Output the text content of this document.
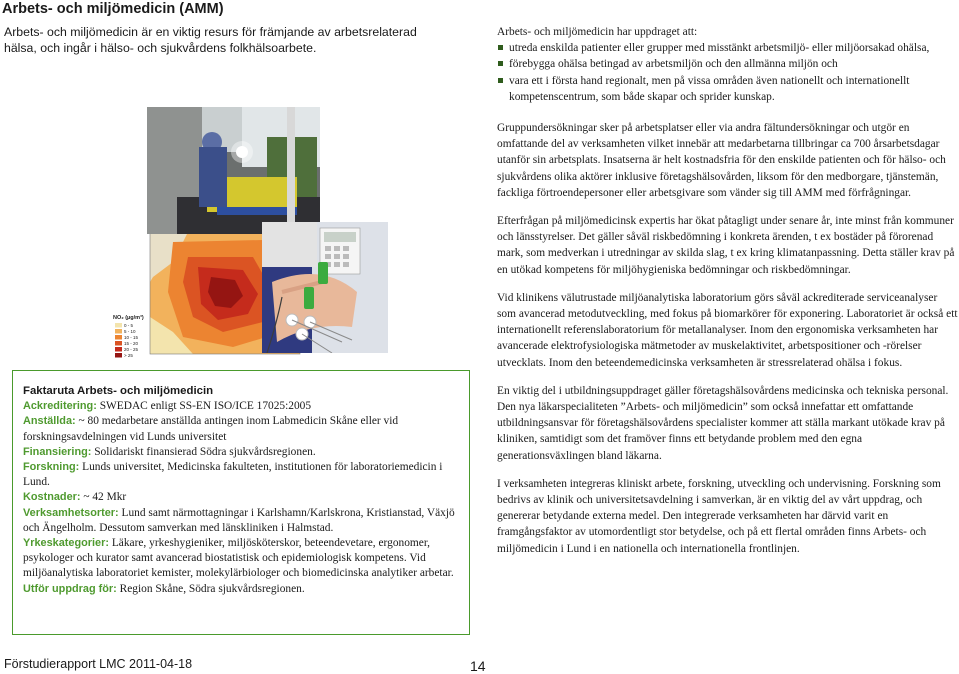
Arbets- och miljömedicin (AMM)
Arbets- och miljömedicin är en viktig resurs för främjande av arbetsrelaterad hälsa, och ingår i hälso- och sjukvårdens folkhälsoarbete.
NO₂ (µg/m³)
0 - 5
5 - 10
10 - 15
15 - 20
20 - 25
> 25

Arbets- och miljömedicin har uppdraget att:

utreda enskilda patienter eller grupper med misstänkt arbetsmiljö- eller miljöorsakad ohälsa,
förebygga ohälsa betingad av arbetsmiljön och den allmänna miljön och
vara ett i första hand regionalt, men på vissa områden även nationellt och internationellt kompetenscentrum, som både skapar och sprider kunskap.

Gruppundersökningar sker på arbetsplatser eller via andra fältundersökningar och utgör en omfattande del av verksamheten vilket innebär att medarbetarna tillbringar ca 700 årsarbetsdagar utanför sin arbetsplats. Insatserna är helt kostnadsfria för den enskilde patienten och för hälso- och sjukvårdens olika aktörer inklusive företagshälsovården, liksom för den medborgare, tjänstemän, fackliga förtroendepersoner eller arbetsgivare som vänder sig till AMM med förfrågningar.

Efterfrågan på miljömedicinsk expertis har ökat påtagligt under senare år, inte minst från kommuner och länsstyrelser. Det gäller såväl riskbedömning i konkreta ärenden, t ex bostäder på förorenad mark, som medverkan i utredningar av skilda slag, t ex kring klimatanpassning. Detta ställer krav på en utökad kompetens för miljöhygieniska bedömningar och riskbedömningar.

Vid klinikens välutrustade miljöanalytiska laboratorium görs såväl ackrediterade serviceanalyser som avancerad metodutveckling, med fokus på biomarkörer för exponering. Laboratoriet är också ett internationellt referenslaboratorium för metallanalyser. Inom den ergonomiska verksamheten har avancerade elektrofysiologiska mätmetoder av muskelaktivitet, arbetspositioner och -rörelser utvecklats. Inom den beteendemedicinska verksamheten är stressrelaterad ohälsa i fokus.

En viktig del i utbildningsuppdraget gäller företagshälsovårdens medicinska och tekniska personal. Den nya läkarspecialiteten ”Arbets- och miljömedicin” som också innefattar ett omfattande utbildningsansvar för företagshälsovårdens specialister kommer att ställa markant utökade krav på kliniken, samtidigt som det framöver finns ett betydande problem med den egna generationsväxlingen bland läkarna.

I verksamheten integreras kliniskt arbete, forskning, utveckling och undervisning. Forskning som bedrivs av klinik och universitetsavdelning i samverkan, är en viktig del av vårt uppdrag, och genererar betydande externa medel. Den integrerade verksamheten har därvid varit en framgångsfaktor av utomordentligt stor betydelse, och på ett flertal områden finns Arbets- och miljömedicin i Lund i en nationella och internationella frontlinjen.

Faktaruta Arbets- och miljömedicin

Ackreditering: SWEDAC enligt SS-EN ISO/ICE 17025:2005

Anställda: ~ 80 medarbetare anställda antingen inom Labmedicin Skåne eller vid forskningsavdelningen vid Lunds universitet

Finansiering: Solidariskt finansierad Södra sjukvårdsregionen.

Forskning: Lunds universitet, Medicinska fakulteten, institutionen för laboratoriemedicin i Lund.

Kostnader: ~ 42 Mkr

Verksamhetsorter: Lund samt närmottagningar i Karlshamn/Karlskrona, Kristianstad, Växjö och Ängelholm. Dessutom samverkan med länskliniken i Halmstad.

Yrkeskategorier: Läkare, yrkeshygieniker, miljösköterskor, beteendevetare, ergonomer, psykologer och kurator samt avancerad biostatistisk och epidemiologisk kompetens. Vid miljöanalytiska laboratoriet kemister, molekylärbiologer och biomedicinska analytiker arbetar.

Utför uppdrag för: Region Skåne, Södra sjukvårdsregionen.

Förstudierapport LMC 2011-04-18	14
